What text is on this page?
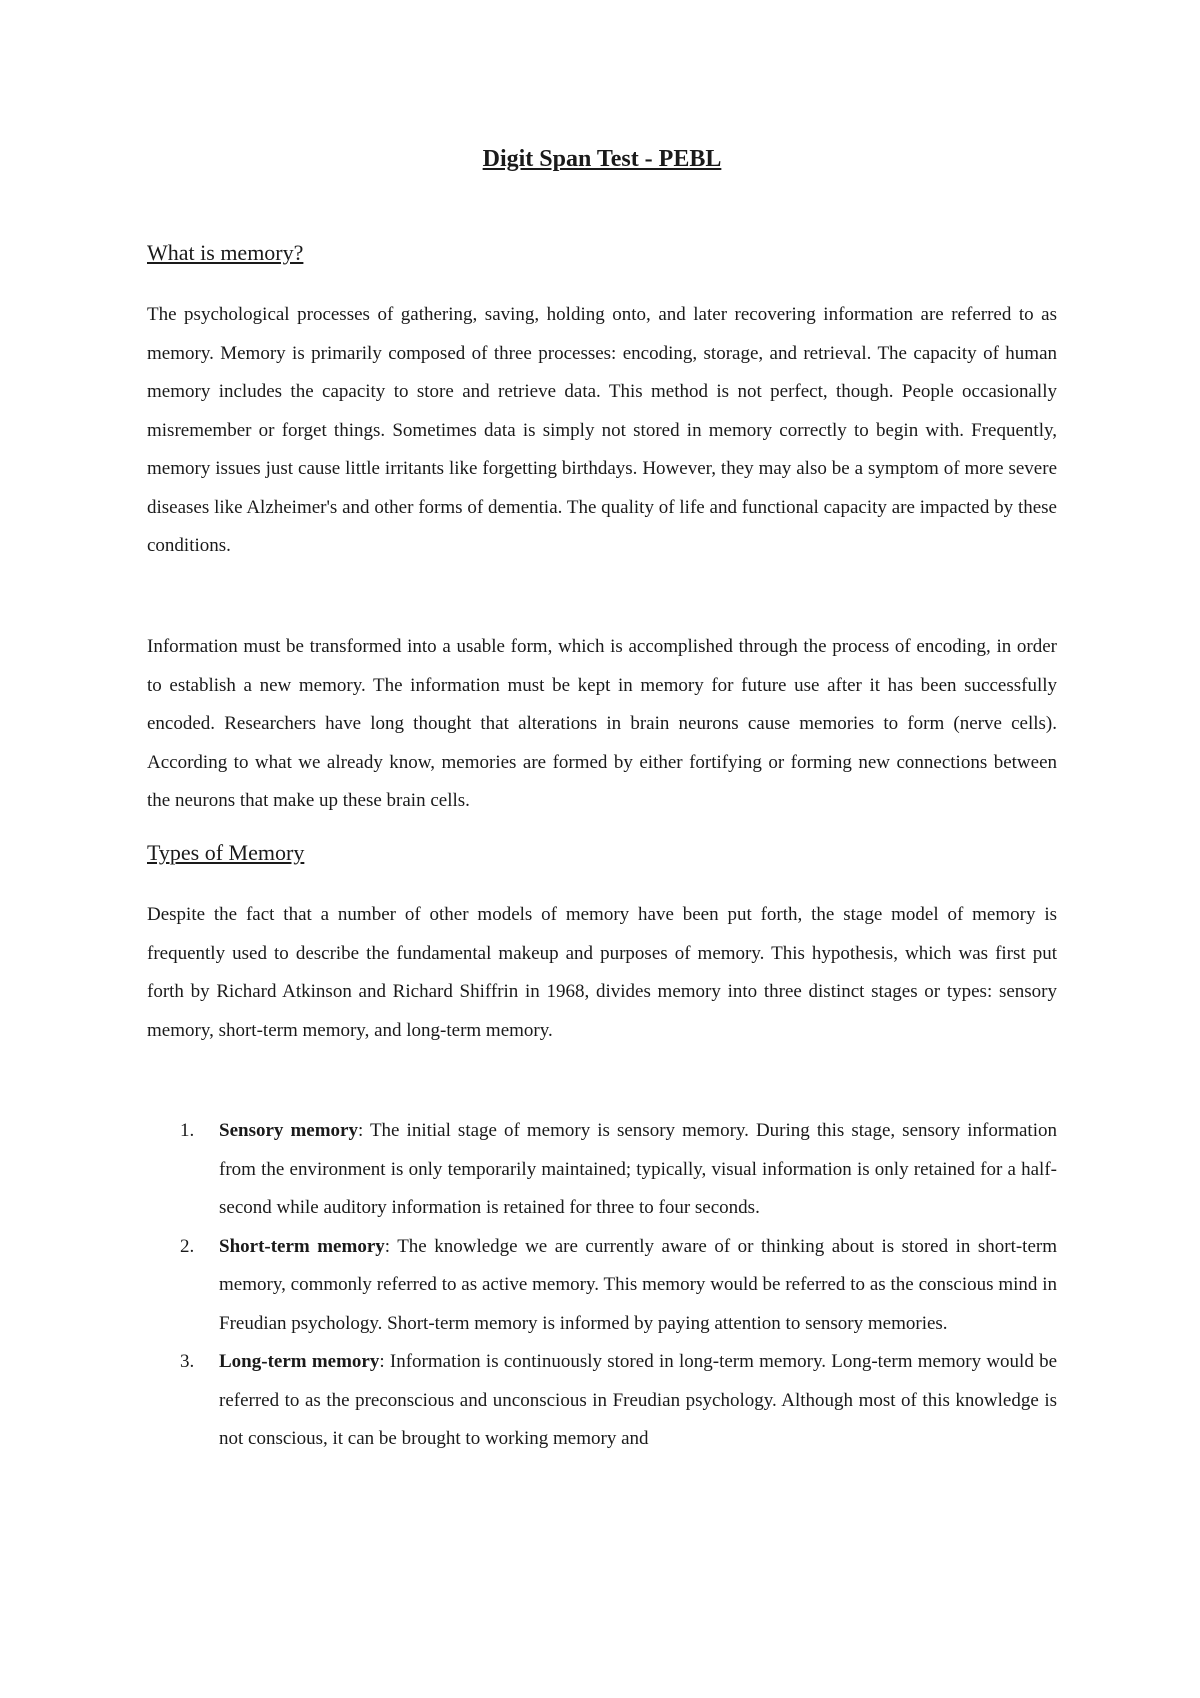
Digit Span Test - PEBL
What is memory?

The psychological processes of gathering, saving, holding onto, and later recovering information are referred to as memory. Memory is primarily composed of three processes: encoding, storage, and retrieval. The capacity of human memory includes the capacity to store and retrieve data. This method is not perfect, though. People occasionally misremember or forget things. Sometimes data is simply not stored in memory correctly to begin with. Frequently, memory issues just cause little irritants like forgetting birthdays. However, they may also be a symptom of more severe diseases like Alzheimer's and other forms of dementia. The quality of life and functional capacity are impacted by these conditions.

Information must be transformed into a usable form, which is accomplished through the process of encoding, in order to establish a new memory. The information must be kept in memory for future use after it has been successfully encoded. Researchers have long thought that alterations in brain neurons cause memories to form (nerve cells). According to what we already know, memories are formed by either fortifying or forming new connections between the neurons that make up these brain cells.

Types of Memory

Despite the fact that a number of other models of memory have been put forth, the stage model of memory is frequently used to describe the fundamental makeup and purposes of memory. This hypothesis, which was first put forth by Richard Atkinson and Richard Shiffrin in 1968, divides memory into three distinct stages or types: sensory memory, short-term memory, and long-term memory.

1. Sensory memory: The initial stage of memory is sensory memory. During this stage, sensory information from the environment is only temporarily maintained; typically, visual information is only retained for a half-second while auditory information is retained for three to four seconds.
2. Short-term memory: The knowledge we are currently aware of or thinking about is stored in short-term memory, commonly referred to as active memory. This memory would be referred to as the conscious mind in Freudian psychology. Short-term memory is informed by paying attention to sensory memories.
3. Long-term memory: Information is continuously stored in long-term memory. Long-term memory would be referred to as the preconscious and unconscious in Freudian psychology. Although most of this knowledge is not conscious, it can be brought to working memory and
